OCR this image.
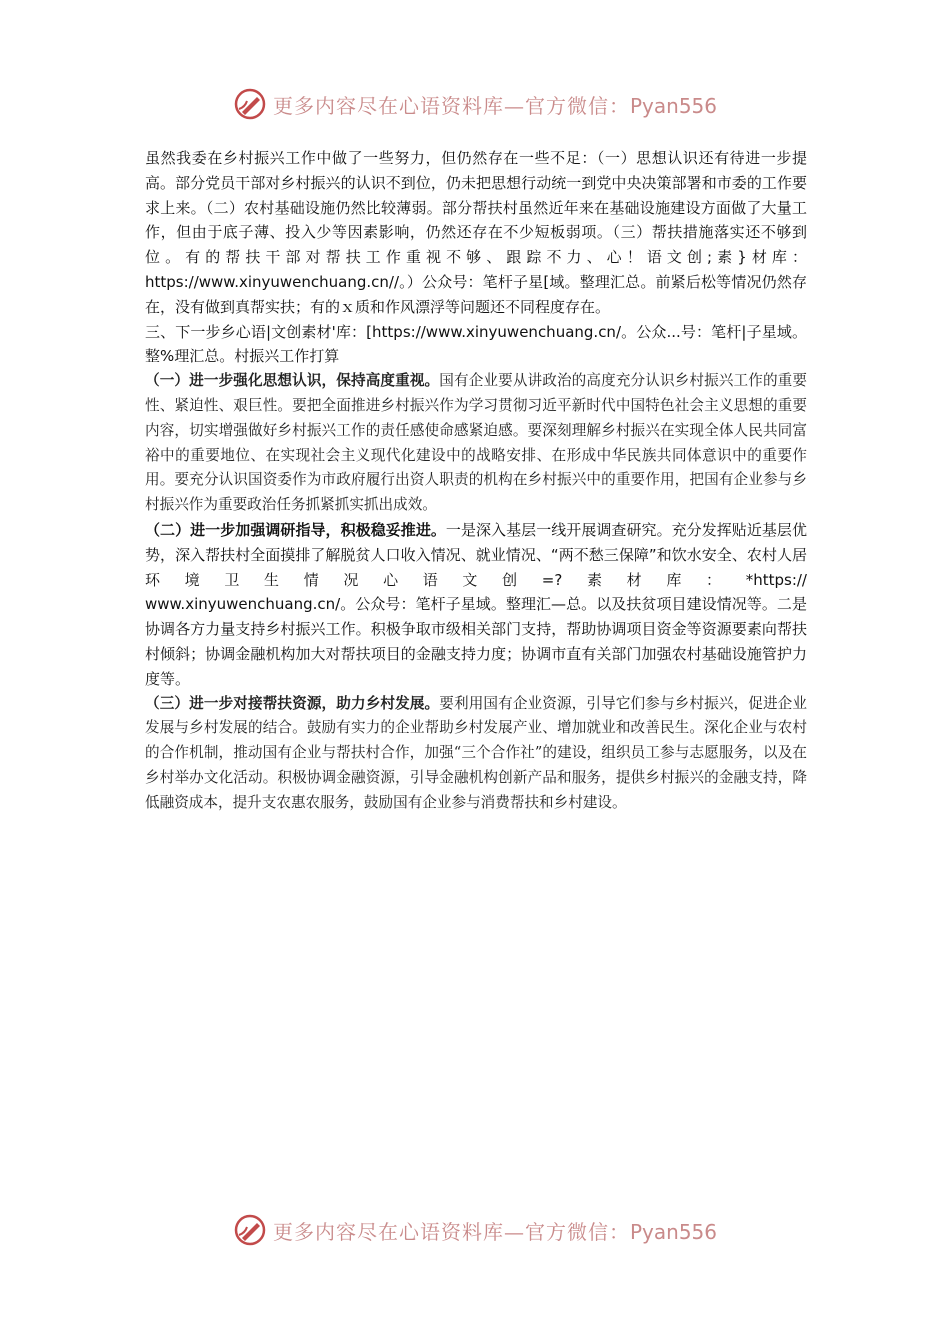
更多内容尽在心语资料库—官方微信：Pyan556

虽然我委在乡村振兴工作中做了一些努力，但仍然存在一些不足：（一）思想认识还有待进一步提高。部分党员干部对乡村振兴的认识不到位，仍未把思想行动统一到党中央决策部署和市委的工作要求上来。（二）农村基础设施仍然比较薄弱。部分帮扶村虽然近年来在基础设施建设方面做了大量工作，但由于底子薄、投入少等因素影响，仍然还存在不少短板弱项。（三）帮扶措施落实还不够到位。有的帮扶干部对帮扶工作重视不够、跟踪不力、心！语文创;素}材库：https://www.xinyuwenchuang.cn//。）公众号：笔杆子星[域。整理汇总。前紧后松等情况仍然存在，没有做到真帮实扶；有的ｘ质和作风漂浮等问题还不同程度存在。

三、下一步乡心语|文创素材'库：[https://www.xinyuwenchuang.cn/。公众...号：笔杆|子星域。整%理汇总。村振兴工作打算

（一）进一步强化思想认识，保持高度重视。国有企业要从讲政治的高度充分认识乡村振兴工作的重要性、紧迫性、艰巨性。要把全面推进乡村振兴作为学习贯彻习近平新时代中国特色社会主义思想的重要内容，切实增强做好乡村振兴工作的责任感使命感紧迫感。要深刻理解乡村振兴在实现全体人民共同富裕中的重要地位、在实现社会主义现代化建设中的战略安排、在形成中华民族共同体意识中的重要作用。要充分认识国资委作为市政府履行出资人职责的机构在乡村振兴中的重要作用，把国有企业参与乡村振兴作为重要政治任务抓紧抓实抓出成效。

（二）进一步加强调研指导，积极稳妥推进。一是深入基层一线开展调查研究。充分发挥贴近基层优势，深入帮扶村全面摸排了解脱贫人口收入情况、就业情况、“两不愁三保障”和饮水安全、农村人居环境卫生情况心语文创=?素材库：*https://
www.xinyuwenchuang.cn/。公众号：笔杆子星域。整理汇—总。以及扶贫项目建设情况等。二是协调各方力量支持乡村振兴工作。积极争取市级相关部门支持，帮助协调项目资金等资源要素向帮扶村倾斜；协调金融机构加大对帮扶项目的金融支持力度；协调市直有关部门加强农村基础设施管护力度等。

（三）进一步对接帮扶资源，助力乡村发展。要利用国有企业资源，引导它们参与乡村振兴，促进企业发展与乡村发展的结合。鼓励有实力的企业帮助乡村发展产业、增加就业和改善民生。深化企业与农村的合作机制，推动国有企业与帮扶村合作，加强“三个合作社”的建设，组织员工参与志愿服务，以及在乡村举办文化活动。积极协调金融资源，引导金融机构创新产品和服务，提供乡村振兴的金融支持，降低融资成本，提升支农惠农服务，鼓励国有企业参与消费帮扶和乡村建设。

更多内容尽在心语资料库—官方微信：Pyan556
